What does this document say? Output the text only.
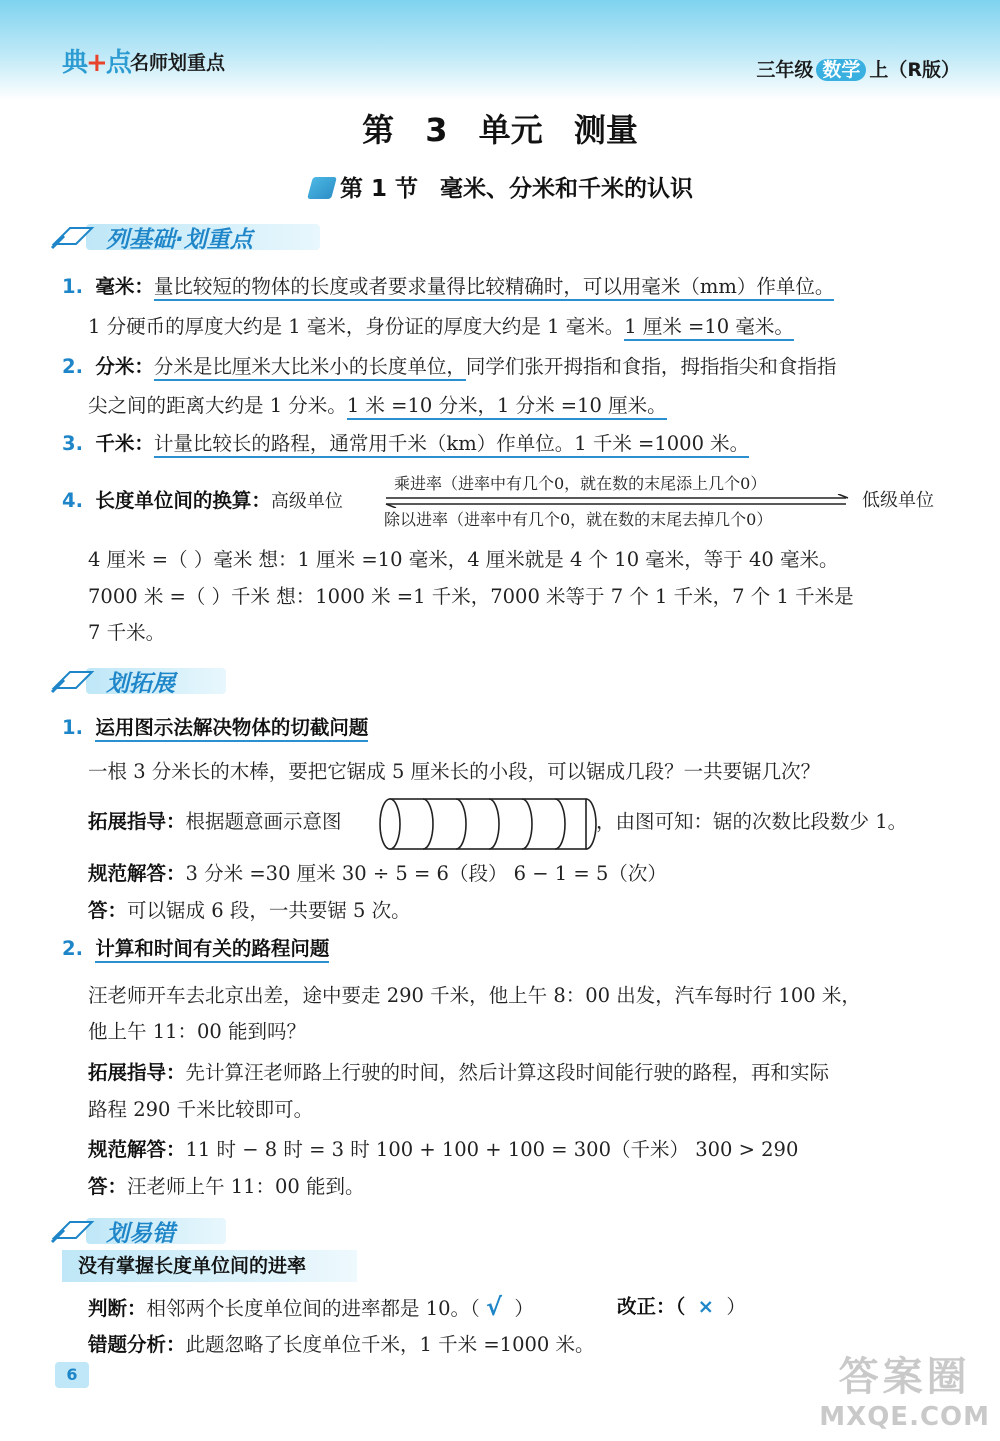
典+点 名师划重点	三年级 数学 上（R版）
第 3 单元 测量
第 1 节 毫米、分米和千米的认识
列基础·划重点
1. 毫米：量比较短的物体的长度或者要求量得比较精确时，可以用毫米（mm）作单位。
1 分硬币的厚度大约是 1 毫米，身份证的厚度大约是 1 毫米。1 厘米 =10 毫米。
2. 分米：分米是比厘米大比米小的长度单位，同学们张开拇指和食指，拇指指尖和食指指
尖之间的距离大约是 1 分米。1 米 =10 分米，1 分米 =10 厘米。
3. 千米：计量比较长的路程，通常用千米（km）作单位。1 千米 =1000 米。
4. 长度单位间的换算：高级单位
乘进率（进率中有几个0，就在数的末尾添上几个0）
除以进率（进率中有几个0，就在数的末尾去掉几个0）
低级单位
4 厘米 =（ ）毫米 想：1 厘米 =10 毫米，4 厘米就是 4 个 10 毫米，等于 40 毫米。
7000 米 =（ ）千米 想：1000 米 =1 千米，7000 米等于 7 个 1 千米，7 个 1 千米是
7 千米。
划拓展
1. 运用图示法解决物体的切截问题
一根 3 分米长的木棒，要把它锯成 5 厘米长的小段，可以锯成几段？一共要锯几次？
拓展指导：根据题意画示意图	，由图可知：锯的次数比段数少 1。
规范解答：3 分米 =30 厘米 30 ÷ 5 = 6（段） 6 − 1 = 5（次）
答：可以锯成 6 段，一共要锯 5 次。
2. 计算和时间有关的路程问题
汪老师开车去北京出差，途中要走 290 千米，他上午 8：00 出发，汽车每时行 100 米，
他上午 11：00 能到吗？
拓展指导：先计算汪老师路上行驶的时间，然后计算这段时间能行驶的路程，再和实际
路程 290 千米比较即可。
规范解答：11 时 − 8 时 = 3 时 100 + 100 + 100 = 300（千米） 300 > 290
答：汪老师上午 11：00 能到。
划易错
没有掌握长度单位间的进率
判断：相邻两个长度单位间的进率都是 10。（ √ ）	改正：（ × ）
错题分析：此题忽略了长度单位千米，1 千米 =1000 米。
6	答案圈
MXQE.COM
